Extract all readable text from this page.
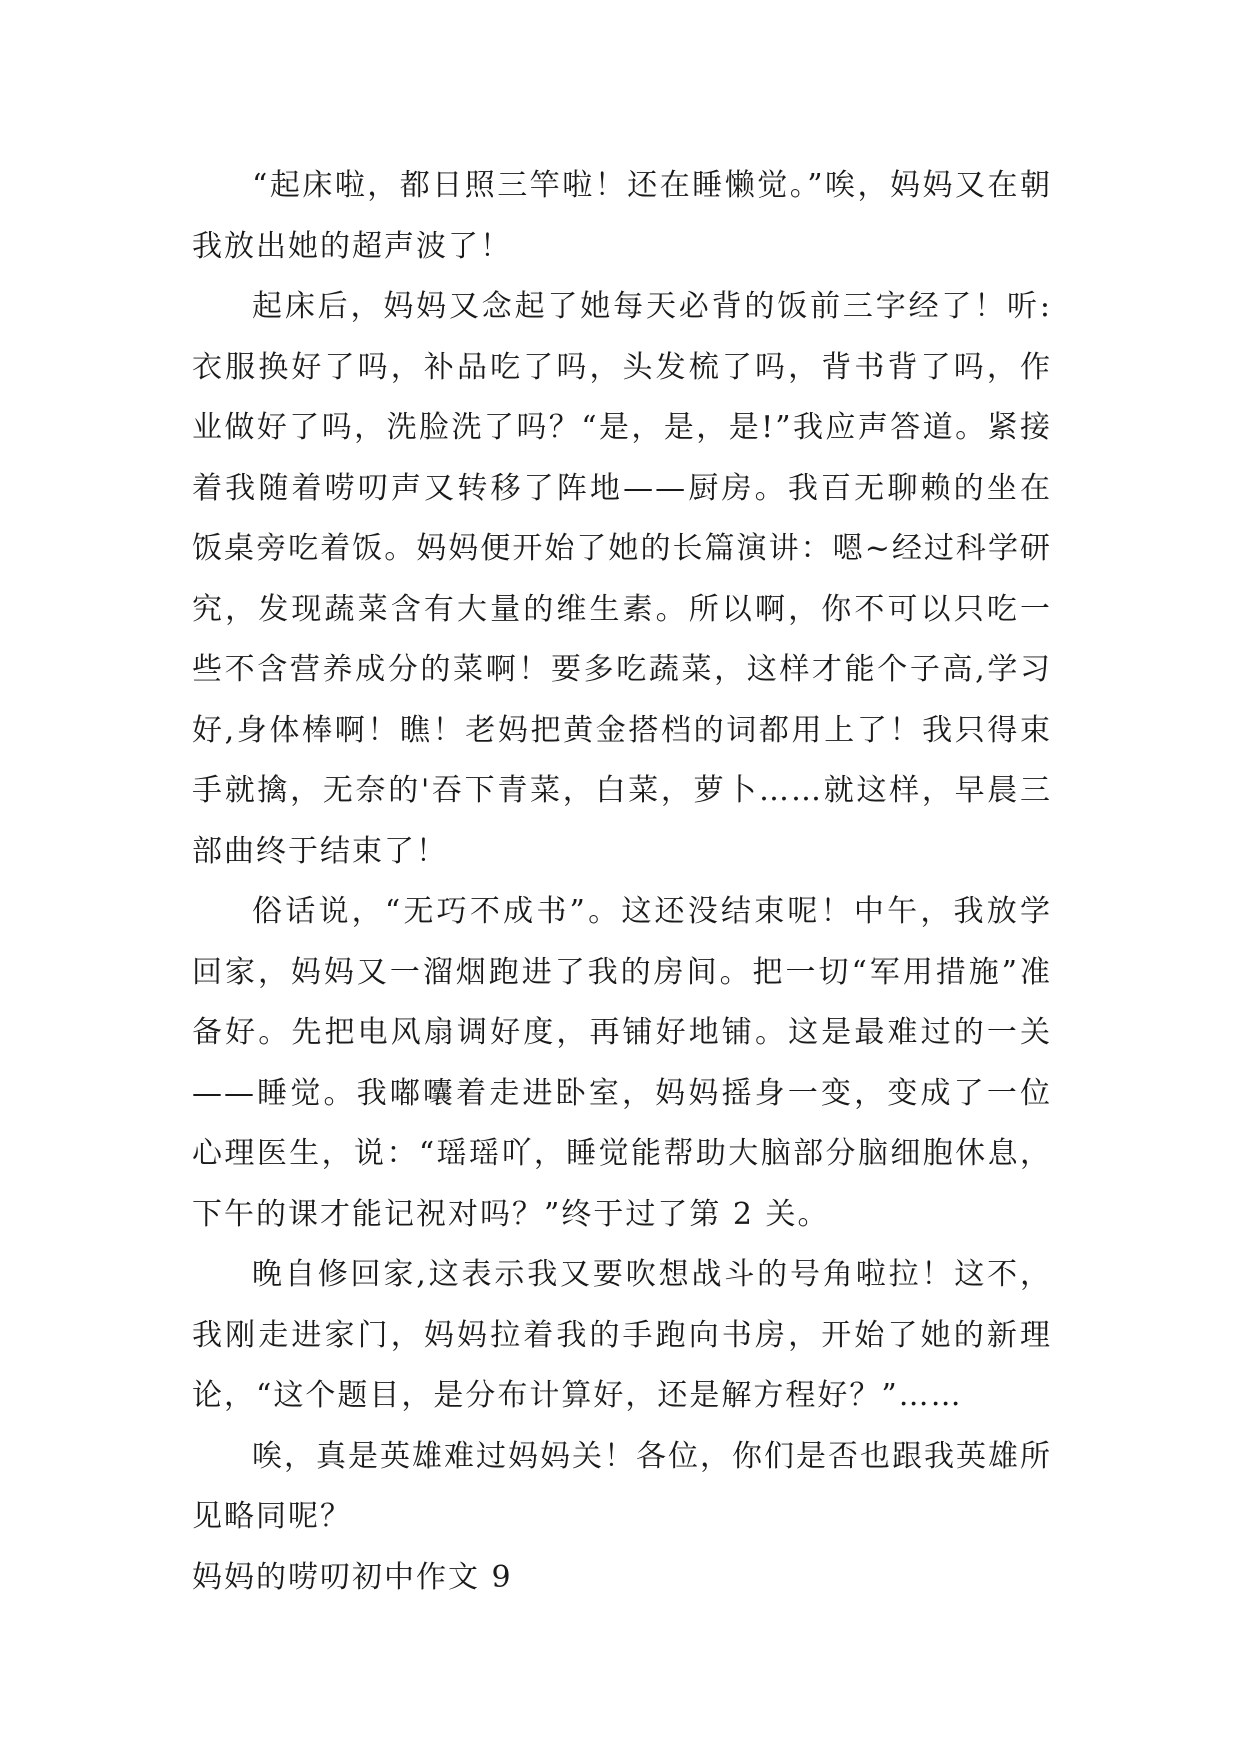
“起床啦，都日照三竿啦！还在睡懒觉。”唉，妈妈又在朝我放出她的超声波了！

起床后，妈妈又念起了她每天必背的饭前三字经了！听:衣服换好了吗，补品吃了吗，头发梳了吗，背书背了吗，作业做好了吗，洗脸洗了吗？“是，是，是!”我应声答道。紧接着我随着唠叨声又转移了阵地——厨房。我百无聊赖的坐在饭桌旁吃着饭。妈妈便开始了她的长篇演讲：嗯~经过科学研究，发现蔬菜含有大量的维生素。所以啊，你不可以只吃一些不含营养成分的菜啊！要多吃蔬菜，这样才能个子高,学习好,身体棒啊！瞧！老妈把黄金搭档的词都用上了！我只得束手就擒，无奈的'吞下青菜，白菜，萝卜……就这样，早晨三部曲终于结束了！

俗话说，“无巧不成书”。这还没结束呢！中午，我放学回家，妈妈又一溜烟跑进了我的房间。把一切“军用措施”准备好。先把电风扇调好度，再铺好地铺。这是最难过的一关——睡觉。我嘟囔着走进卧室，妈妈摇身一变，变成了一位心理医生，说：“瑶瑶吖，睡觉能帮助大脑部分脑细胞休息，下午的课才能记祝对吗？”终于过了第 2 关。

晚自修回家,这表示我又要吹想战斗的号角啦拉！这不，我刚走进家门，妈妈拉着我的手跑向书房，开始了她的新理论，“这个题目，是分布计算好，还是解方程好？”……

唉，真是英雄难过妈妈关！各位，你们是否也跟我英雄所见略同呢？

妈妈的唠叨初中作文 9
